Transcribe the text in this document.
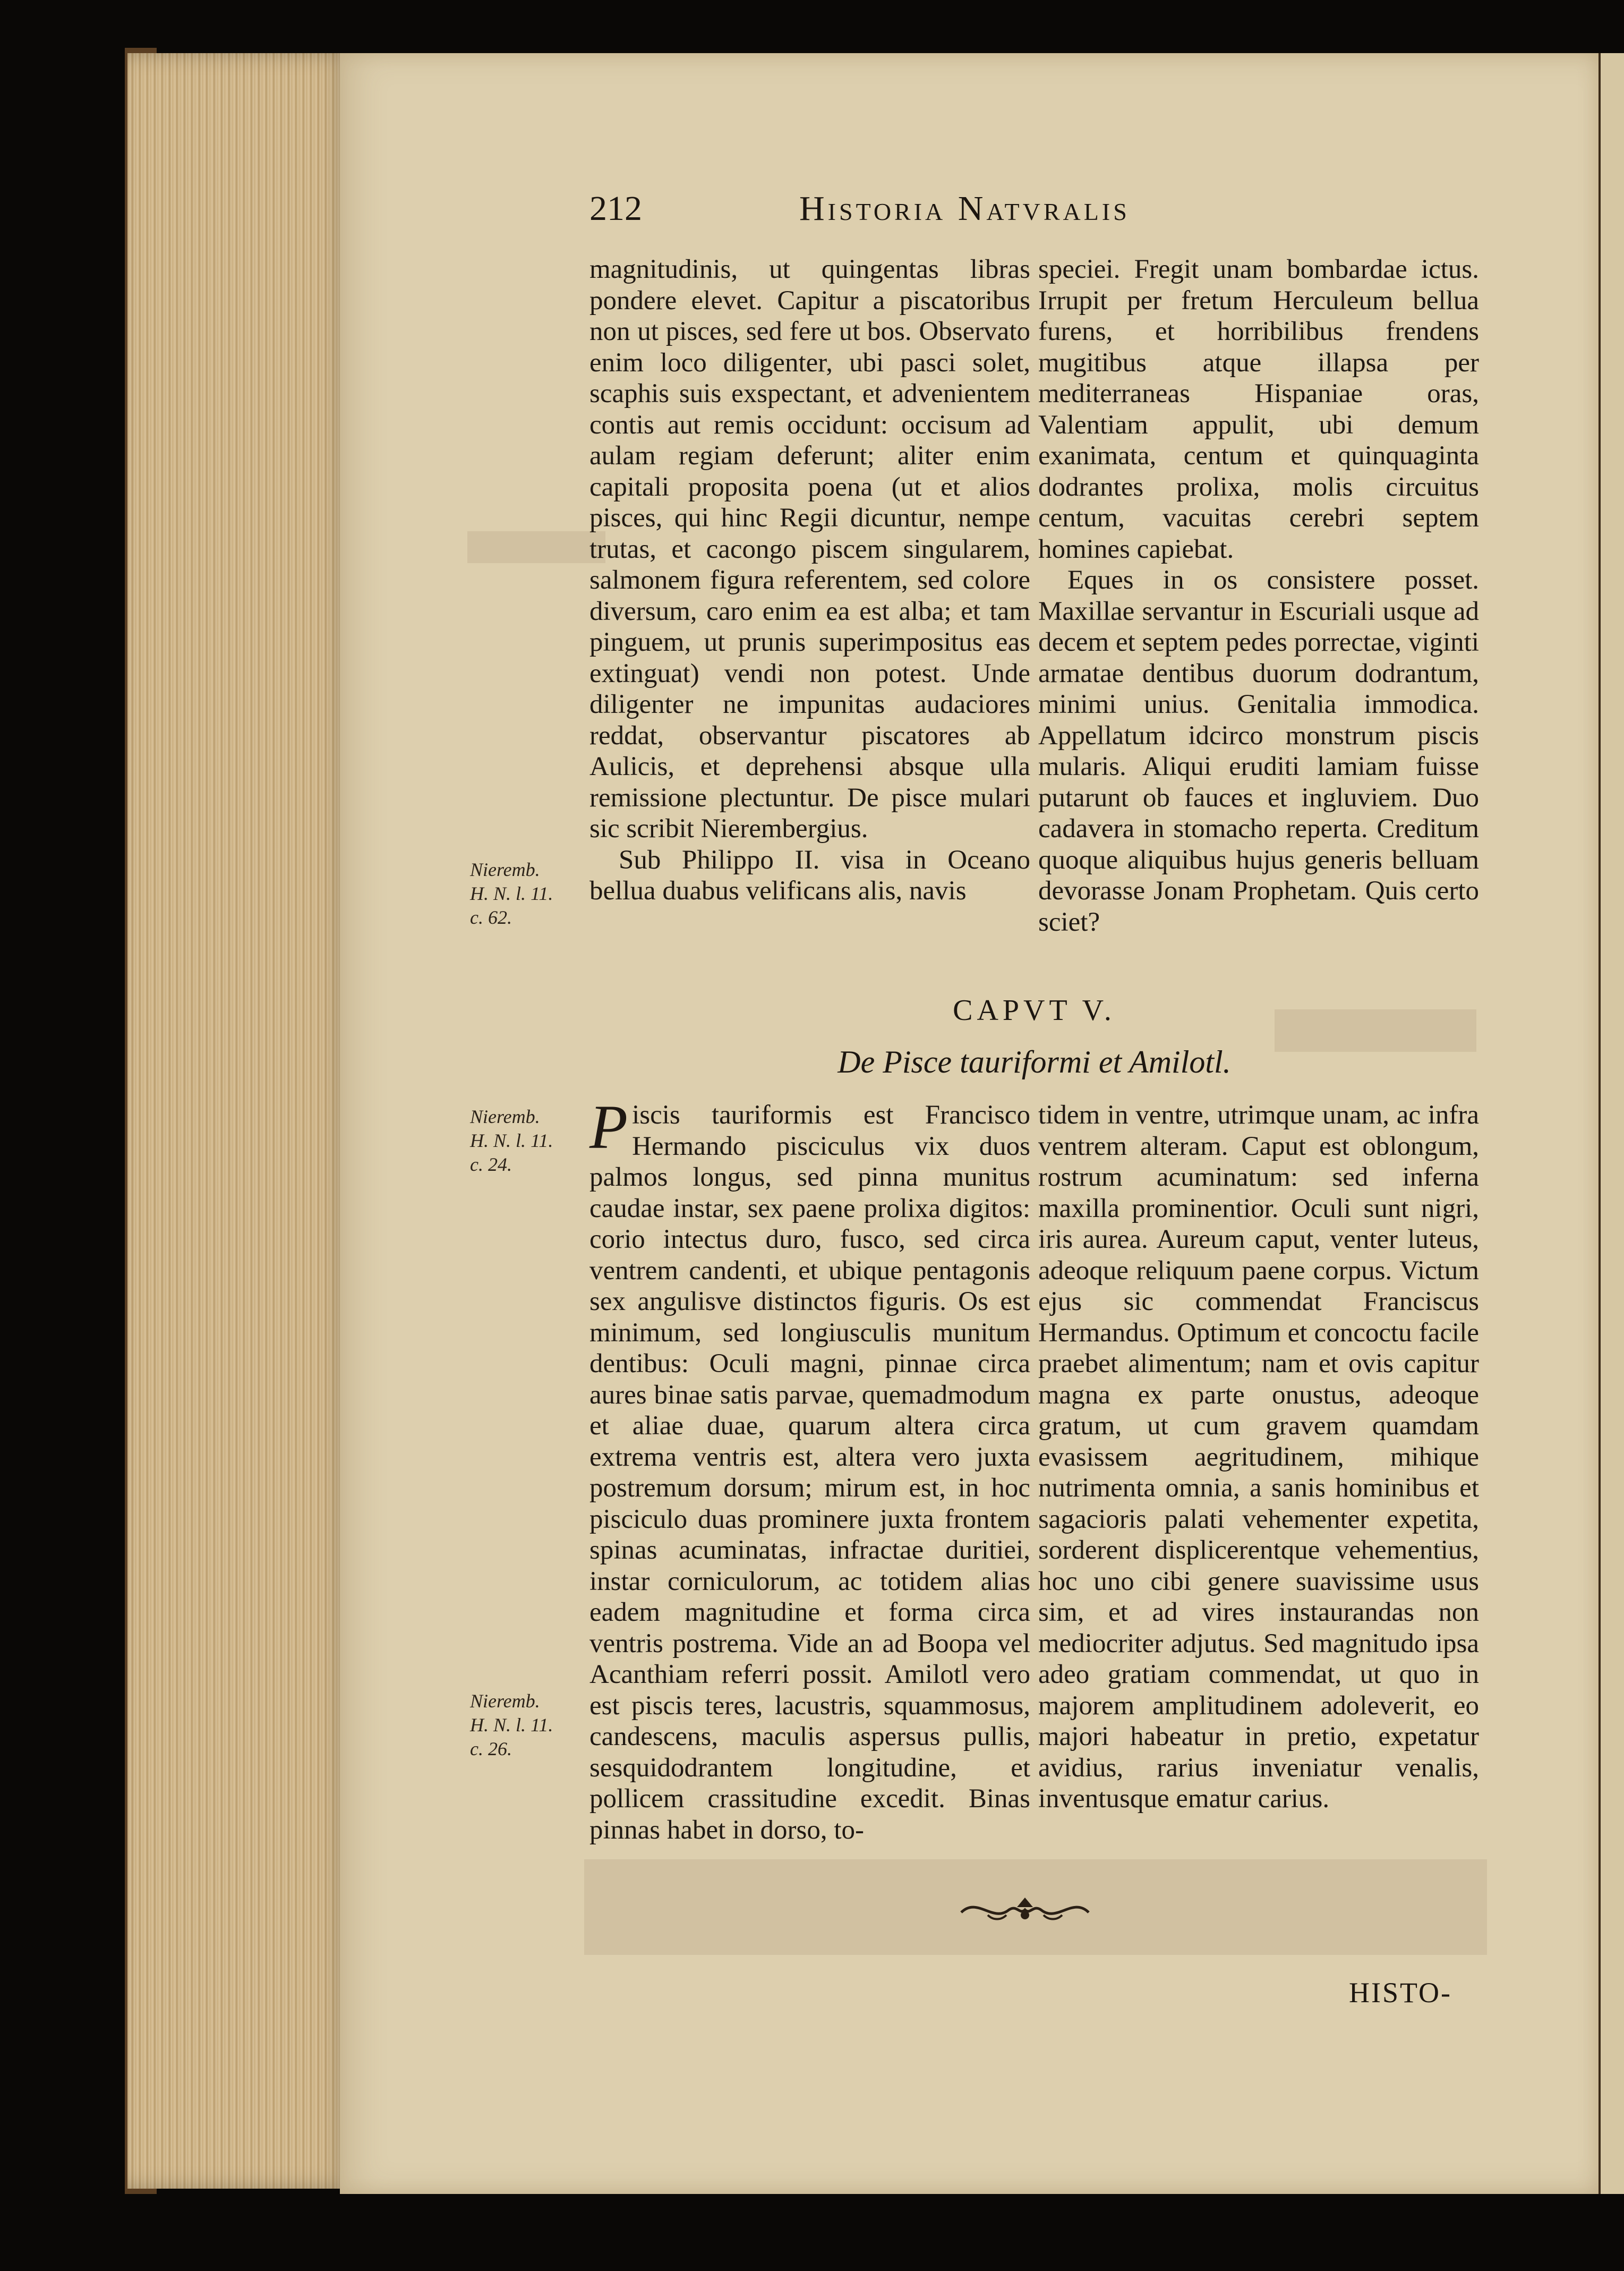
212	Historia Natvralis

magnitudinis, ut quingentas libras pondere elevet. Capitur a piscatoribus non ut pisces, sed fere ut bos. Observato enim loco diligenter, ubi pasci solet, scaphis suis exspectant, et advenientem contis aut remis occidunt: occisum ad aulam regiam deferunt; aliter enim capitali proposita poena (ut et alios pisces, qui hinc Regii dicuntur, nempe trutas, et cacongo piscem singularem, salmonem figura referentem, sed colore diversum, caro enim ea est alba; et tam pinguem, ut prunis superimpositus eas extinguat) vendi non potest. Unde diligenter ne impunitas audaciores reddat, observantur piscatores ab Aulicis, et deprehensi absque ulla remissione plectuntur. De pisce mulari sic scribit Nierembergius.

Sub Philippo II. visa in Oceano bellua duabus velificans alis, navis

speciei. Fregit unam bombardae ictus. Irrupit per fretum Herculeum bellua furens, et horribilibus frendens mugitibus atque illapsa per mediterraneas Hispaniae oras, Valentiam appulit, ubi demum exanimata, centum et quinquaginta dodrantes prolixa, molis circuitus centum, vacuitas cerebri septem homines capiebat.

Eques in os consistere posset. Maxillae servantur in Escuriali usque ad decem et septem pedes porrectae, viginti armatae dentibus duorum dodrantum, minimi unius. Genitalia immodica. Appellatum idcirco monstrum piscis mularis. Aliqui eruditi lamiam fuisse putarunt ob fauces et ingluviem. Duo cadavera in stomacho reperta. Creditum quoque aliquibus hujus generis belluam devorasse Jonam Prophetam. Quis certo sciet?

Nieremb.
H. N. l. 11.
c. 62.
CAPVT V.
De Pisce tauriformi et Amilotl.
Nieremb.
H. N. l. 11.
c. 24.
P iscis tauriformis est Francisco Hermando pisciculus vix duos palmos longus, sed pinna munitus caudae instar, sex paene prolixa digitos: corio intectus duro, fusco, sed circa ventrem candenti, et ubique pentagonis sex angulisve distinctos figuris. Os est minimum, sed longiusculis munitum dentibus: Oculi magni, pinnae circa aures binae satis parvae, quemadmodum et aliae duae, quarum altera circa extrema ventris est, altera vero juxta postremum dorsum; mirum est, in hoc pisciculo duas prominere juxta frontem spinas acuminatas, infractae duritiei, instar corniculorum, ac totidem alias eadem magnitudine et forma circa ventris postrema. Vide an ad Boopa vel Acanthiam referri possit. Amilotl vero est piscis teres, lacustris, squammosus, candescens, maculis aspersus pullis, sesquidodrantem longitudine, et pollicem crassitudine excedit. Binas pinnas habet in dorso, to-

tidem in ventre, utrimque unam, ac infra ventrem alteram. Caput est oblongum, rostrum acuminatum: sed inferna maxilla prominentior. Oculi sunt nigri, iris aurea. Aureum caput, venter luteus, adeoque reliquum paene corpus. Victum ejus sic commendat Franciscus Hermandus. Optimum et concoctu facile praebet alimentum; nam et ovis capitur magna ex parte onustus, adeoque gratum, ut cum gravem quamdam evasissem aegritudinem, mihique nutrimenta omnia, a sanis hominibus et sagacioris palati vehementer expetita, sorderent displicerentque vehementius, hoc uno cibi genere suavissime usus sim, et ad vires instaurandas non mediocriter adjutus. Sed magnitudo ipsa adeo gratiam commendat, ut quo in majorem amplitudinem adoleverit, eo majori habeatur in pretio, expetatur avidius, rarius inveniatur venalis, inventusque ematur carius.

Nieremb.
H. N. l. 11.
c. 26.
HISTO-
